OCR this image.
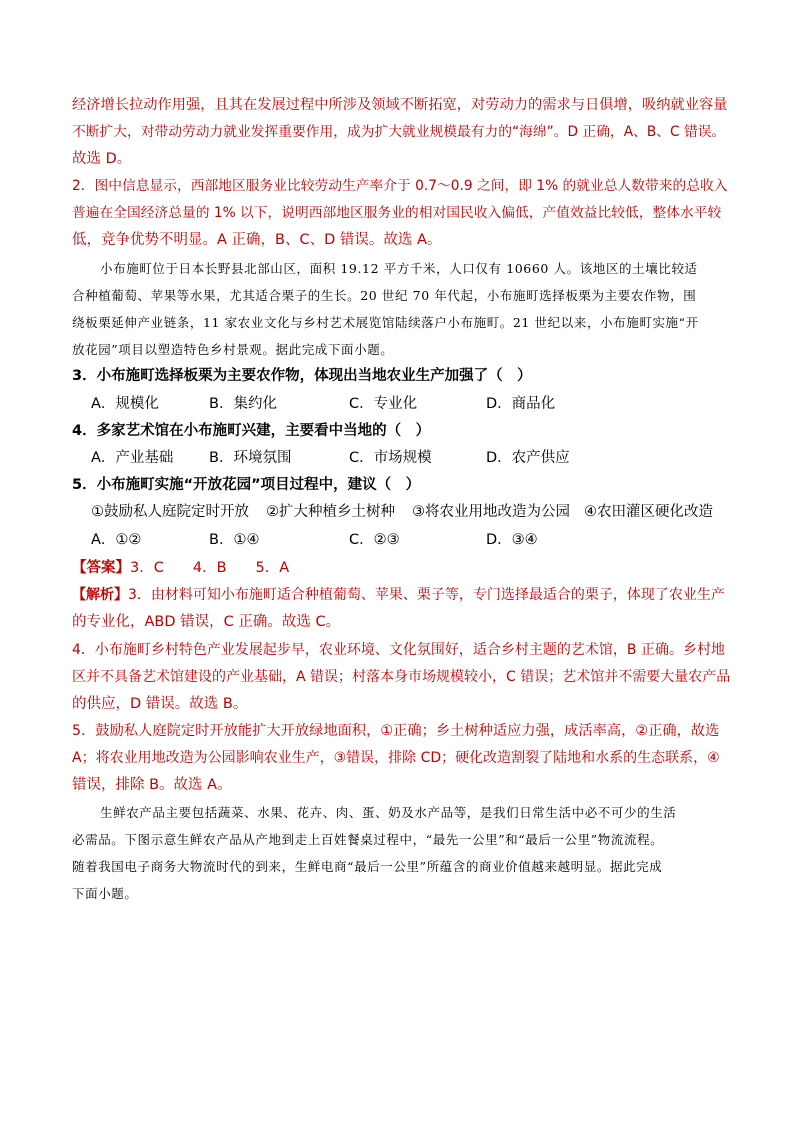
经济增长拉动作用强，且其在发展过程中所涉及领域不断拓宽，对劳动力的需求与日俱增，吸纳就业容量
不断扩大，对带动劳动力就业发挥重要作用，成为扩大就业规模最有力的“海绵”。D 正确，A、B、C 错误。
故选 D。
2．图中信息显示，西部地区服务业比较劳动生产率介于 0.7～0.9 之间，即 1% 的就业总人数带来的总收入
普遍在全国经济总量的 1% 以下，说明西部地区服务业的相对国民收入偏低，产值效益比较低，整体水平较
低，竞争优势不明显。A 正确，B、C、D 错误。故选 A。
小布施町位于日本长野县北部山区，面积 19.12 平方千米，人口仅有 10660 人。该地区的土壤比较适
合种植葡萄、苹果等水果，尤其适合栗子的生长。20 世纪 70 年代起，小布施町选择板栗为主要农作物，围
绕板栗延伸产业链条，11 家农业文化与乡村艺术展览馆陆续落户小布施町。21 世纪以来，小布施町实施“开
放花园”项目以塑造特色乡村景观。据此完成下面小题。
3．小布施町选择板栗为主要农作物，体现出当地农业生产加强了（　）
A．规模化	B．集约化	C．专业化	D．商品化
4．多家艺术馆在小布施町兴建，主要看中当地的（　）
A．产业基础 B．环境氛围	C．市场规模	D．农产供应
5．小布施町实施“开放花园”项目过程中，建议（　）
①鼓励私人庭院定时开放 ②扩大种植乡土树种 ③将农业用地改造为公园 ④农田灌区硬化改造
A．①②	B．①④	C．②③	D．③④
【答案】3．C　　4．B　　5．A
【解析】3．由材料可知小布施町适合种植葡萄、苹果、栗子等，专门选择最适合的栗子，体现了农业生产
的专业化，ABD 错误，C 正确。故选 C。
4．小布施町乡村特色产业发展起步早，农业环境、文化氛围好，适合乡村主题的艺术馆，B 正确。乡村地
区并不具备艺术馆建设的产业基础，A 错误；村落本身市场规模较小，C 错误；艺术馆并不需要大量农产品
的供应，D 错误。故选 B。
5．鼓励私人庭院定时开放能扩大开放绿地面积，①正确；乡土树种适应力强，成活率高，②正确，故选
A；将农业用地改造为公园影响农业生产，③错误，排除 CD；硬化改造割裂了陆地和水系的生态联系，④
错误，排除 B。故选 A。
生鲜农产品主要包括蔬菜、水果、花卉、肉、蛋、奶及水产品等，是我们日常生活中必不可少的生活
必需品。下图示意生鲜农产品从产地到走上百姓餐桌过程中，“最先一公里”和“最后一公里”物流流程。
随着我国电子商务大物流时代的到来，生鲜电商“最后一公里”所蕴含的商业价值越来越明显。据此完成
下面小题。
